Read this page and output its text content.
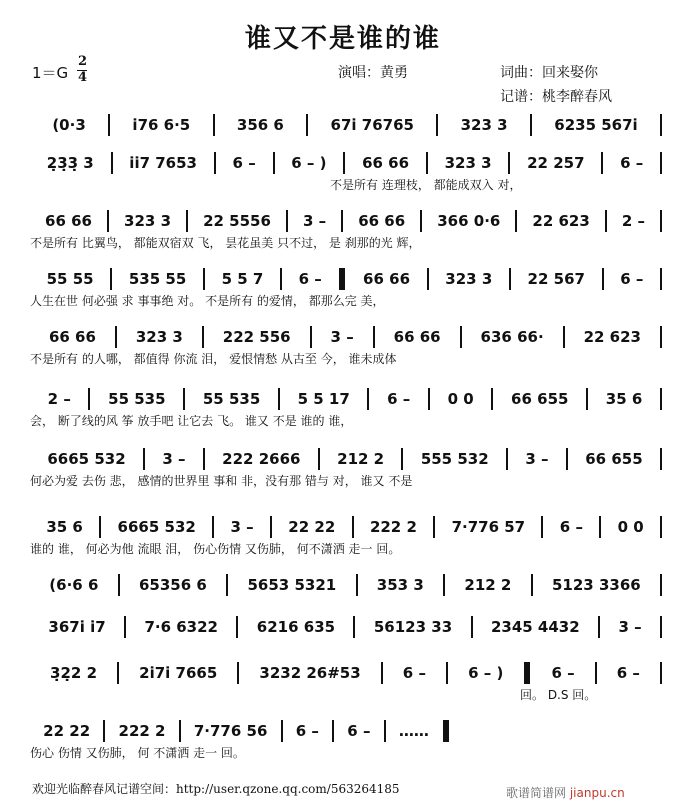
谁又不是谁的谁
1＝G
2
4	演唱：黄勇	词曲：回来娶你
记谱：桃李醉春风
(0·3	i̇76 6·5	356 6	67i̇ 76765	323 3	6235 567i̇
2̣3̣3̣ 3	i̇i̇7 7653	6 –	6 – )	66 66	323 3	22 257	6 –
不是所有 连理枝， 都能成双入 对，
66 66	323 3	22 5556	3 –	66 66	366 0·6	22 623	2 –
不是所有 比翼鸟， 都能双宿双 飞， 昙花虽美 只不过， 是 刹那的光 辉，
55 55	535 55	5 5 7	6 –	66 66	323 3	22 567	6 –
人生在世 何必强 求 事事绝 对。 不是所有 的爱情， 都那么完 美，
66 66	323 3	222 556	3 –	66 66	636 66·	22 623
不是所有 的人哪， 都值得 你流 泪， 爱恨情愁 从古至 今， 谁未成体
2 –	55 535	55 535	5 5 17	6 –	0 0	66 655	35 6
会， 断了线的风 筝 放手吧 让它去 飞。 谁又 不是 谁的 谁，
6665 532	3 –	222 2666	212 2	555 532	3 –	66 655
何必为爱 去伤 悲， 感情的世界里 事和 非，没有那 错与 对， 谁又 不是
35 6	6665 532	3 –	22 22	222 2	7·776 57	6 –	0 0
谁的 谁， 何必为他 流眼 泪， 伤心伤情 又伤肺， 何不潇洒 走一 回。
(6·6 6	65356 6	5653 5321	353 3	212 2	5123 3366
367i̇ i̇7	7·6 6322	6216 635	56123 33	2345 4432	3 –
3̣2̣2 2	2i̇7i̇ 7665	3232 26#53	6 –	6 – )	6 –	6 –
回。 D.S 回。
22 22	222 2	7·776 56	6 –	6 –	……
伤心 伤情 又伤肺， 何 不潇洒 走一 回。
欢迎光临醉春风记谱空间：http://user.qzone.qq.com/563264185	歌谱简谱网 jianpu.cn
